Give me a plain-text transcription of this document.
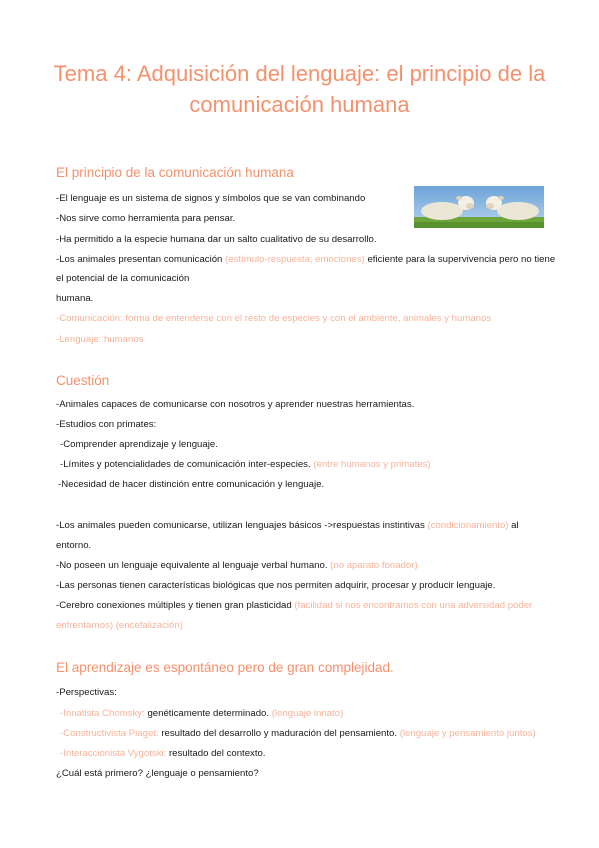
Tema 4: Adquisición del lenguaje: el principio de la
comunicación humana
El principio de la comunicación humana
-El lenguaje es un sistema de signos y símbolos que se van combinando
-Nos sirve como herramienta para pensar.
-Ha permitido a la especie humana dar un salto cualitativo de su desarrollo.
-Los animales presentan comunicación (estímulo-respuesta; emociones) eficiente para la supervivencia pero no tiene
el potencial de la comunicación
humana.
-Comunicación: forma de entenderse con el resto de especies y con el ambiente, animales y humanos
-Lenguaje: humanos
Cuestión
-Animales capaces de comunicarse con nosotros y aprender nuestras herramientas.
-Estudios con primates:
-Comprender aprendizaje y lenguaje.
-Límites y potencialidades de comunicación inter-especies. (entre humanos y primates)
-Necesidad de hacer distinción entre comunicación y lenguaje.
-Los animales pueden comunicarse, utilizan lenguajes básicos ->respuestas instintivas (condicionamiento) al
entorno.
-No poseen un lenguaje equivalente al lenguaje verbal humano. (no aparato fonador)
-Las personas tienen características biológicas que nos permiten adquirir, procesar y producir lenguaje.
-Cerebro conexiones múltiples y tienen gran plasticidad (facilidad si nos encontramos con una adversidad poder
enfrentarnos) (encefalización)
El aprendizaje es espontáneo pero de gran complejidad.
-Perspectivas:
-Innatista Chomsky: genéticamente determinado. (lenguaje innato)
-Constructivista Piaget: resultado del desarrollo y maduración del pensamiento. (lenguaje y pensamiento juntos)
-Interaccionista Vygotski: resultado del contexto.
¿Cuál está primero? ¿lenguaje o pensamiento?
